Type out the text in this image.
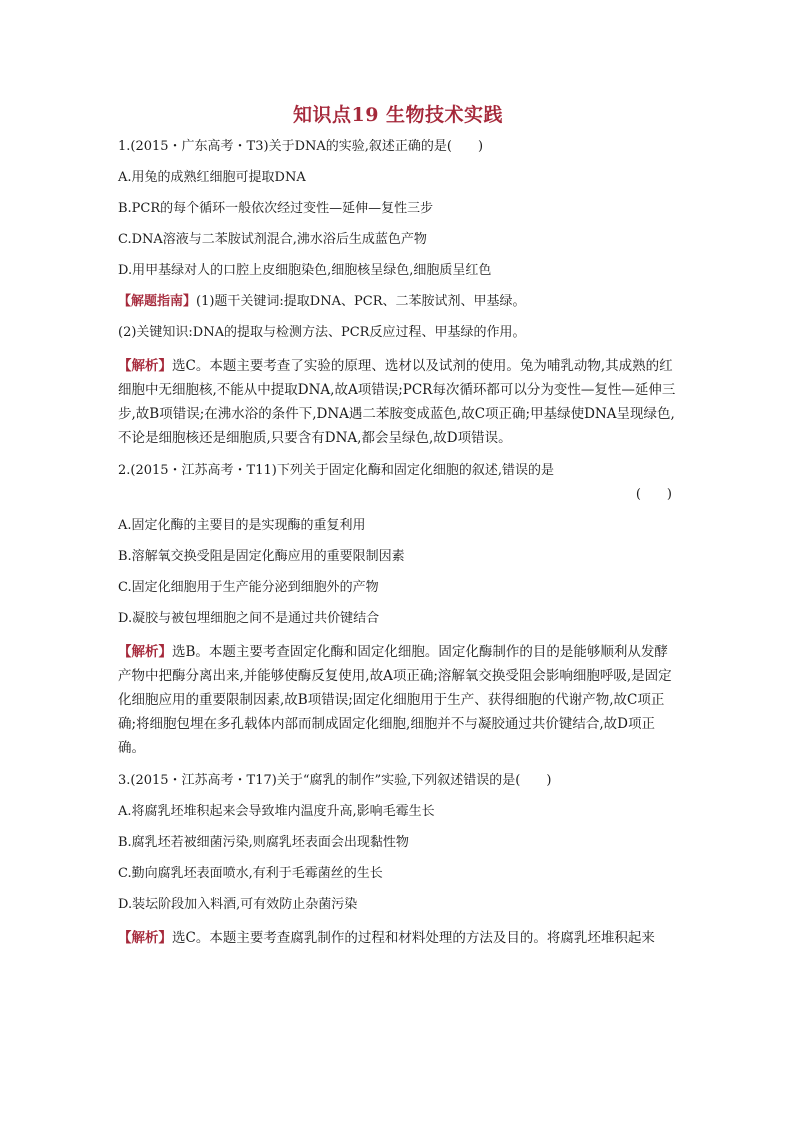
知识点19 生物技术实践

1.(2015・广东高考・T3)关于DNA的实验,叙述正确的是(　　)

A.用兔的成熟红细胞可提取DNA

B.PCR的每个循环一般依次经过变性—延伸—复性三步

C.DNA溶液与二苯胺试剂混合,沸水浴后生成蓝色产物

D.用甲基绿对人的口腔上皮细胞染色,细胞核呈绿色,细胞质呈红色

【解题指南】(1)题干关键词:提取DNA、PCR、二苯胺试剂、甲基绿。

(2)关键知识:DNA的提取与检测方法、PCR反应过程、甲基绿的作用。

【解析】选C。本题主要考查了实验的原理、选材以及试剂的使用。兔为哺乳动物,其成熟的红细胞中无细胞核,不能从中提取DNA,故A项错误;PCR每次循环都可以分为变性—复性—延伸三步,故B项错误;在沸水浴的条件下,DNA遇二苯胺变成蓝色,故C项正确;甲基绿使DNA呈现绿色,不论是细胞核还是细胞质,只要含有DNA,都会呈绿色,故D项错误。

2.(2015・江苏高考・T11)下列关于固定化酶和固定化细胞的叙述,错误的是

(　　)

A.固定化酶的主要目的是实现酶的重复利用

B.溶解氧交换受阻是固定化酶应用的重要限制因素

C.固定化细胞用于生产能分泌到细胞外的产物

D.凝胶与被包埋细胞之间不是通过共价键结合

【解析】选B。本题主要考查固定化酶和固定化细胞。固定化酶制作的目的是能够顺利从发酵产物中把酶分离出来,并能够使酶反复使用,故A项正确;溶解氧交换受阻会影响细胞呼吸,是固定化细胞应用的重要限制因素,故B项错误;固定化细胞用于生产、获得细胞的代谢产物,故C项正确;将细胞包埋在多孔载体内部而制成固定化细胞,细胞并不与凝胶通过共价键结合,故D项正确。

3.(2015・江苏高考・T17)关于“腐乳的制作”实验,下列叙述错误的是(　　)

A.将腐乳坯堆积起来会导致堆内温度升高,影响毛霉生长

B.腐乳坯若被细菌污染,则腐乳坯表面会出现黏性物

C.勤向腐乳坯表面喷水,有利于毛霉菌丝的生长

D.装坛阶段加入料酒,可有效防止杂菌污染

【解析】选C。本题主要考查腐乳制作的过程和材料处理的方法及目的。将腐乳坯堆积起来
